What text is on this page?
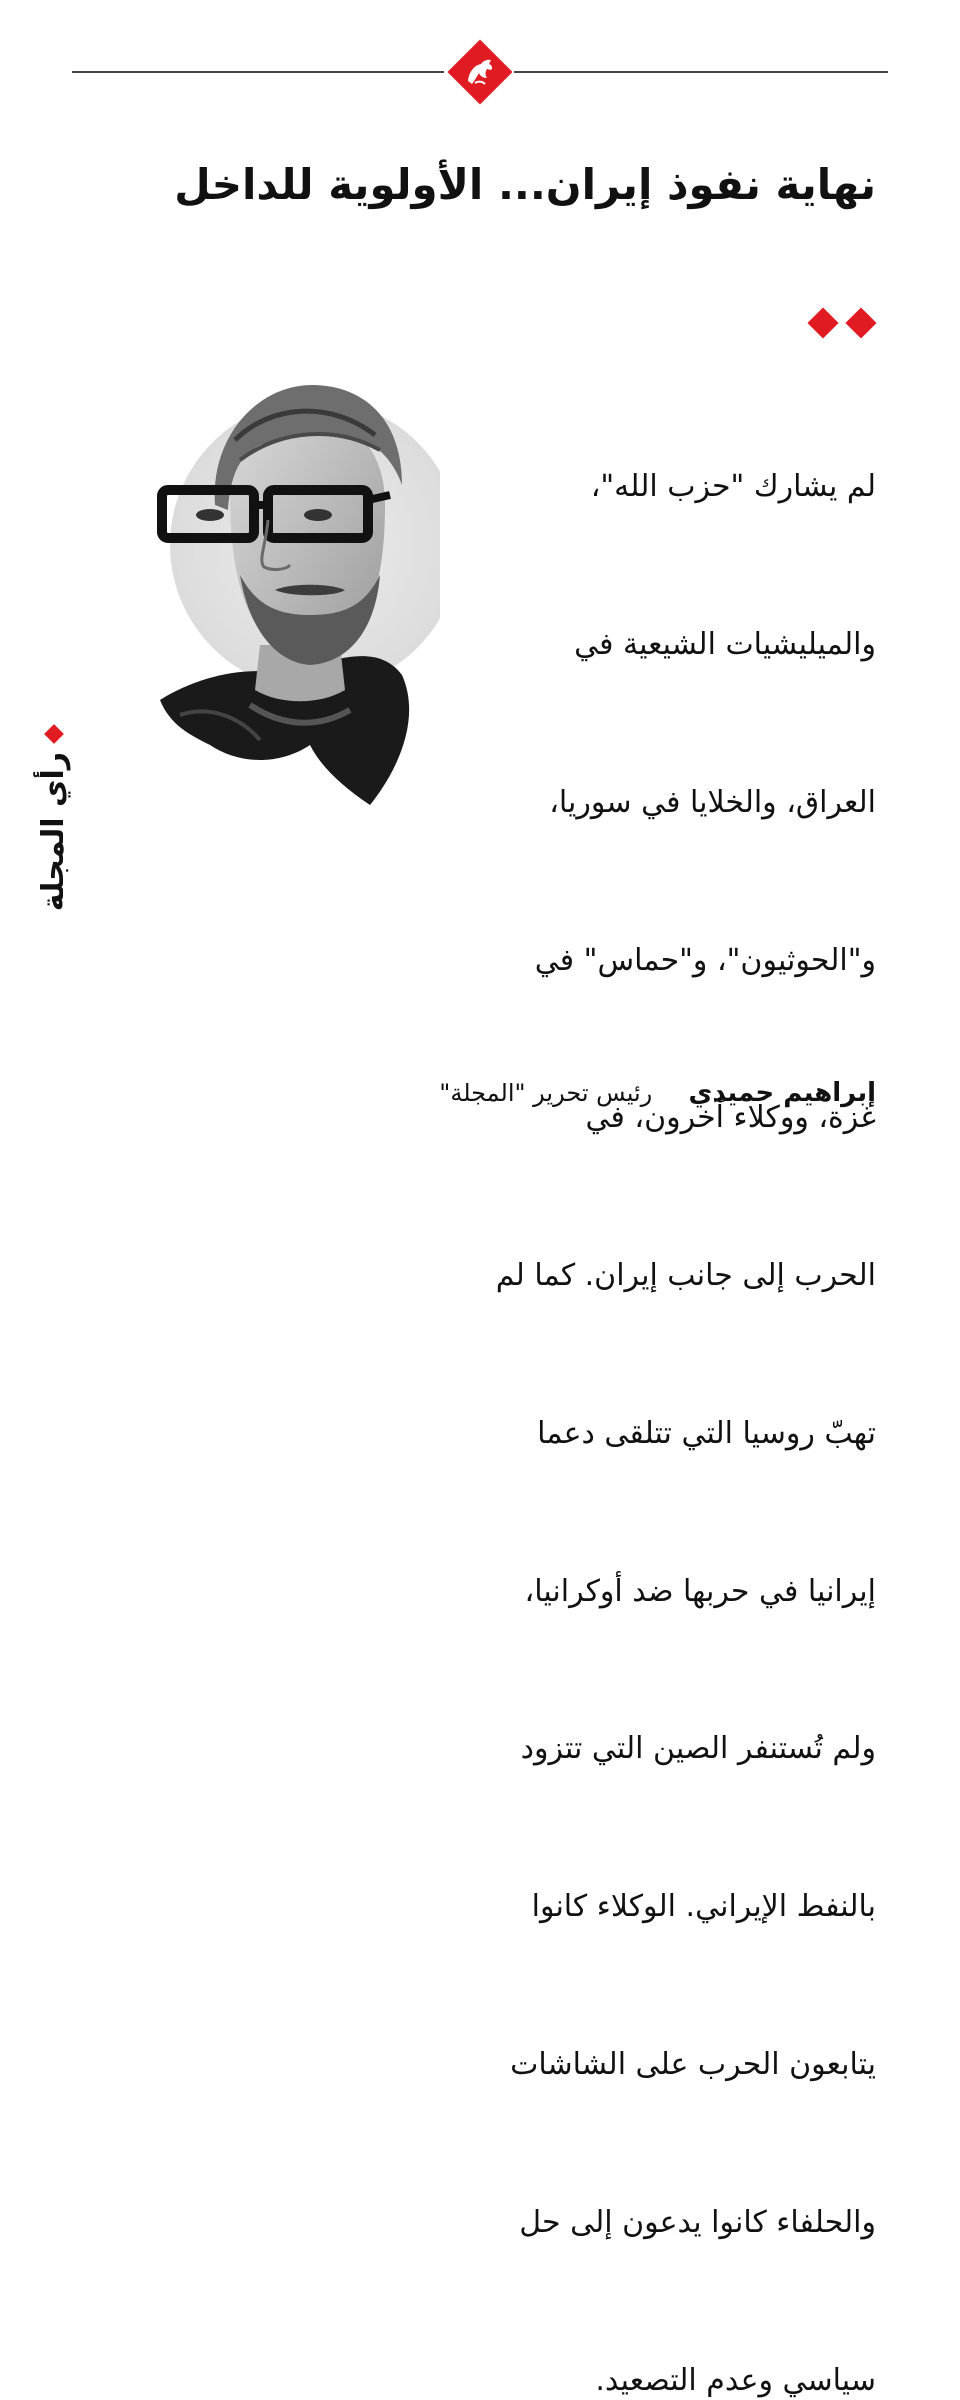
نهاية نفوذ إيران... الأولوية للداخل

لم يشارك "حزب الله"،

والميليشيات الشيعية في

العراق، والخلايا في سوريا،

و"الحوثيون"، و"حماس" في

غزة، ووكلاء آخرون، في

الحرب إلى جانب إيران. كما لم

تهبّ روسيا التي تتلقى دعما

إيرانيا في حربها ضد أوكرانيا،

ولم تُستنفر الصين التي تتزود

بالنفط الإيراني. الوكلاء كانوا

يتابعون الحرب على الشاشات

والحلفاء كانوا يدعون إلى حل

سياسي وعدم التصعيد.

رأي المجلة
إبراهيم حميدي رئيس تحرير "المجلة"
